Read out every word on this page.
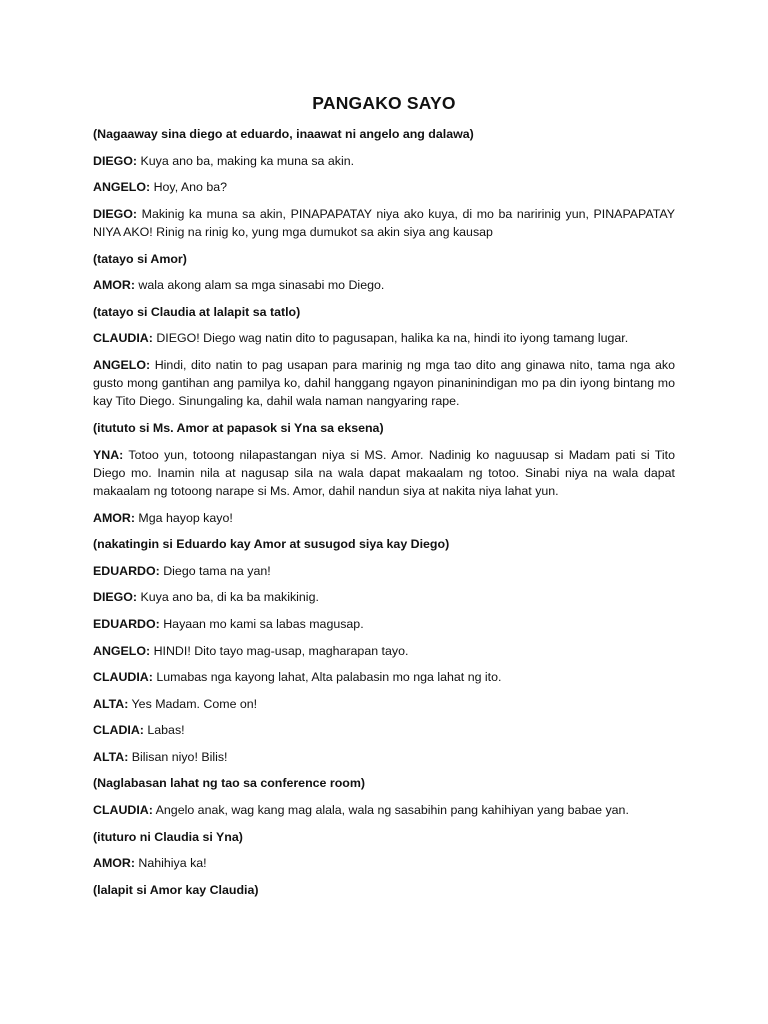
PANGAKO SAYO

(Nagaaway sina diego at eduardo, inaawat ni angelo ang dalawa)

DIEGO: Kuya ano ba, making ka muna sa akin.

ANGELO: Hoy, Ano ba?

DIEGO: Makinig ka muna sa akin, PINAPAPATAY niya ako kuya, di mo ba naririnig yun, PINAPAPATAY NIYA AKO! Rinig na rinig ko, yung mga dumukot sa akin siya ang kausap

(tatayo si Amor)

AMOR: wala akong alam sa mga sinasabi mo Diego.

(tatayo si Claudia at lalapit sa tatlo)

CLAUDIA: DIEGO! Diego wag natin dito to pagusapan, halika ka na, hindi ito iyong tamang lugar.

ANGELO: Hindi, dito natin to pag usapan para marinig ng mga tao dito ang ginawa nito, tama nga ako gusto mong gantihan ang pamilya ko, dahil hanggang ngayon pinaninindigan mo pa din iyong bintang mo kay Tito Diego. Sinungaling ka, dahil wala naman nangyaring rape.

(itututo si Ms. Amor at papasok si Yna sa eksena)

YNA: Totoo yun, totoong nilapastangan niya si MS. Amor. Nadinig ko naguusap si Madam pati si Tito Diego mo. Inamin nila at nagusap sila na wala dapat makaalam ng totoo. Sinabi niya na wala dapat makaalam ng totoong narape si Ms. Amor, dahil nandun siya at nakita niya lahat yun.

AMOR: Mga hayop kayo!

(nakatingin si Eduardo kay Amor at susugod siya kay Diego)

EDUARDO: Diego tama na yan!

DIEGO: Kuya ano ba, di ka ba makikinig.

EDUARDO: Hayaan mo kami sa labas magusap.

ANGELO: HINDI! Dito tayo mag-usap, magharapan tayo.

CLAUDIA: Lumabas nga kayong lahat, Alta palabasin mo nga lahat ng ito.

ALTA: Yes Madam. Come on!

CLADIA: Labas!

ALTA: Bilisan niyo! Bilis!

(Naglabasan lahat ng tao sa conference room)

CLAUDIA: Angelo anak, wag kang mag alala, wala ng sasabihin pang kahihiyan yang babae yan.

(ituturo ni Claudia si Yna)

AMOR: Nahihiya ka!

(lalapit si Amor kay Claudia)
